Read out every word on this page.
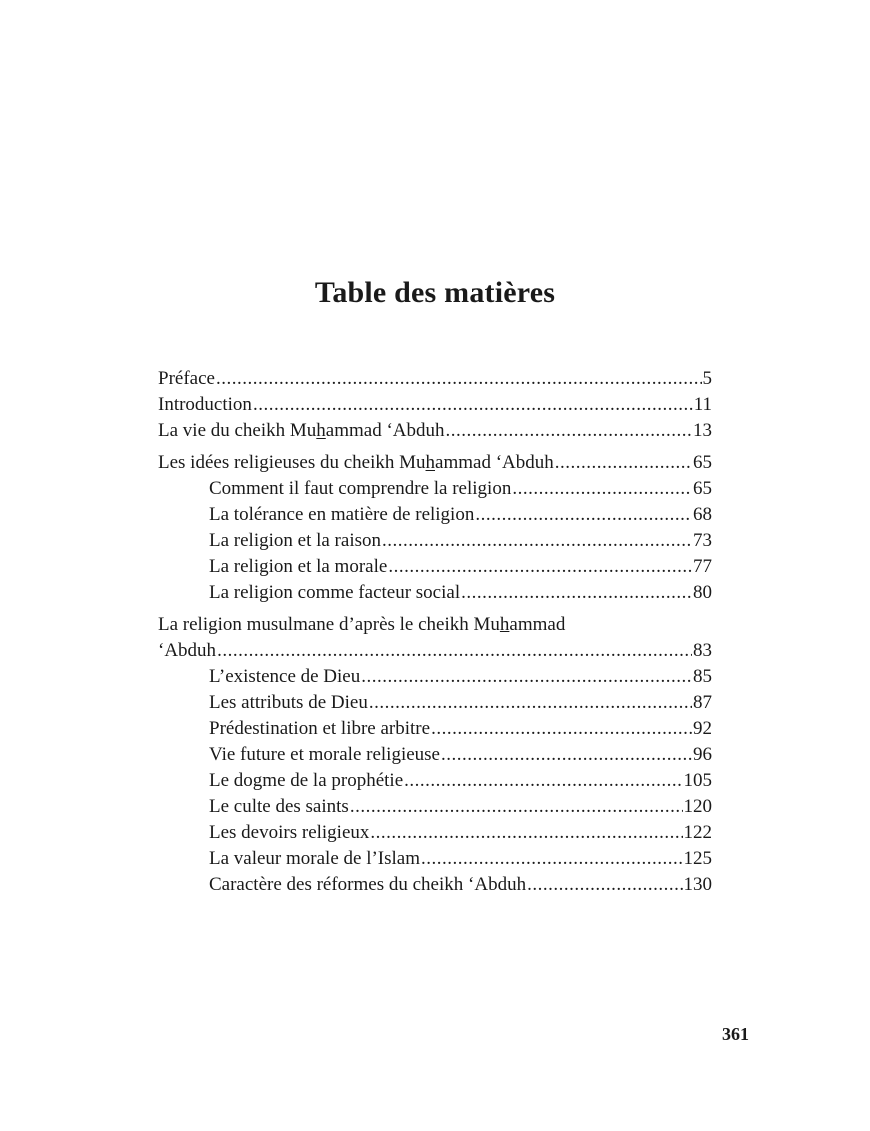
Table des matières
Préface .....	5
Introduction .....	11
La vie du cheikh Muhammad ‘Abduh .....	13
Les idées religieuses du cheikh Muhammad ‘Abduh .....	65
Comment il faut comprendre la religion .....	65
La tolérance en matière de religion .....	68
La religion et la raison .....	73
La religion et la morale .....	77
La religion comme facteur social .....	80
La religion musulmane d’après le cheikh Muhammad
‘Abduh .....	83
L’existence de Dieu .....	85
Les attributs de Dieu .....	87
Prédestination et libre arbitre .....	92
Vie future et morale religieuse .....	96
Le dogme de la prophétie .....	105
Le culte des saints .....	120
Les devoirs religieux .....	122
La valeur morale de l’Islam .....	125
Caractère des réformes du cheikh ‘Abduh .....	130
361
